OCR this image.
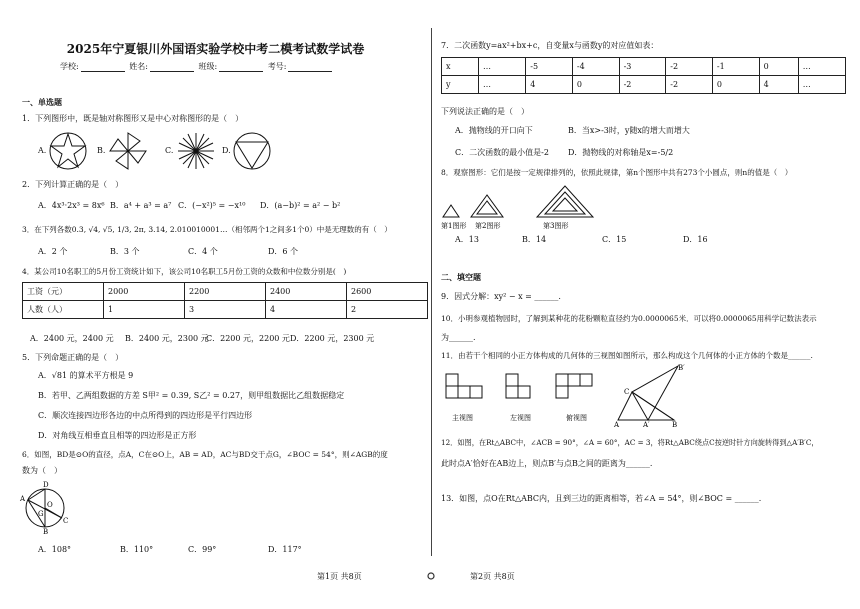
2025年宁夏银川外国语实验学校中考二模考试数学试卷
学校:	姓名:	班级:	考号:
一、单选题
1．下列图形中，既是轴对称图形又是中心对称图形的是（　）
A.	B.	C.	D.
2．下列计算正确的是（　）
A．4x³·2x³ = 8x⁶ B．a⁴ + a³ = a⁷ C．(−x²)⁵ = −x¹⁰ D．(a−b)² = a² − b²
3．在下列各数0.3, √4, √5, 1/3, 2π, 3.14, 2.010010001…（相邻两个1之间多1个0）中是无理数的有（　）
A．2 个	B．3 个	C．4 个	D．6 个
4．某公司10名职工的5月份工资统计如下，该公司10名职工5月份工资的众数和中位数分别是(　)
工资（元）	2000	2200	2400	2600
人数（人）	1	3	4	2
A．2400 元，2400 元 B．2400 元，2300 元
C．2200 元，2200 元 D．2200 元，2300 元
5．下列命题正确的是（　）
A．√81 的算术平方根是 9
B．若甲、乙两组数据的方差 S甲² = 0.39, S乙² = 0.27，则甲组数据比乙组数据稳定
C．顺次连接四边形各边的中点所得到的四边形是平行四边形
D．对角线互相垂直且相等的四边形是正方形
6．如图，BD是⊙O的直径，点A，C在⊙O上，AB = AD，AC与BD交于点G，∠BOC = 54°，则∠AGB的度
数为（　）
D
A
O
G
B
C
A．108°	B．110°	C．99°	D．117°
7．二次函数y=ax²+bx+c，自变量x与函数y的对应值如表：
x	…	-5	-4	-3	-2	-1	0	…
y	…	4	0	-2	-2	0	4	…
下列说法正确的是（　）
A．抛物线的开口向下	B．当x>-3时，y随x的增大而增大
C．二次函数的最小值是-2 D．抛物线的对称轴是x=-5/2
8．观察图形：它们是按一定规律排列的，依照此规律，第n个图形中共有273个小圆点，则n的值是（　）
第1图形 第2图形	第3图形
A．13	B．14	C．15	D．16
二、填空题
9．因式分解：xy² − x = ______.
10．小明参观植物园时，了解到某种花的花粉颗粒直径约为0.0000065米．可以将0.0000065用科学记数法表示
为______.
11．由若干个相同的小正方体构成的几何体的三视图如图所示，那么构成这个几何体的小正方体的个数是______.
主视图	左视图	俯视图
B′
C
A′
A	B
12．如图，在Rt△ABC中，∠ACB = 90°，∠A = 60°，AC = 3，将Rt△ABC绕点C按逆时针方向旋转得到△A′B′C，
此时点A′恰好在AB边上，则点B′与点B之间的距离为______.
13．如图，点O在Rt△ABC内，且到三边的距离相等，若∠A = 54°，则∠BOC = ______.
第1页 共8页	第2页 共8页
